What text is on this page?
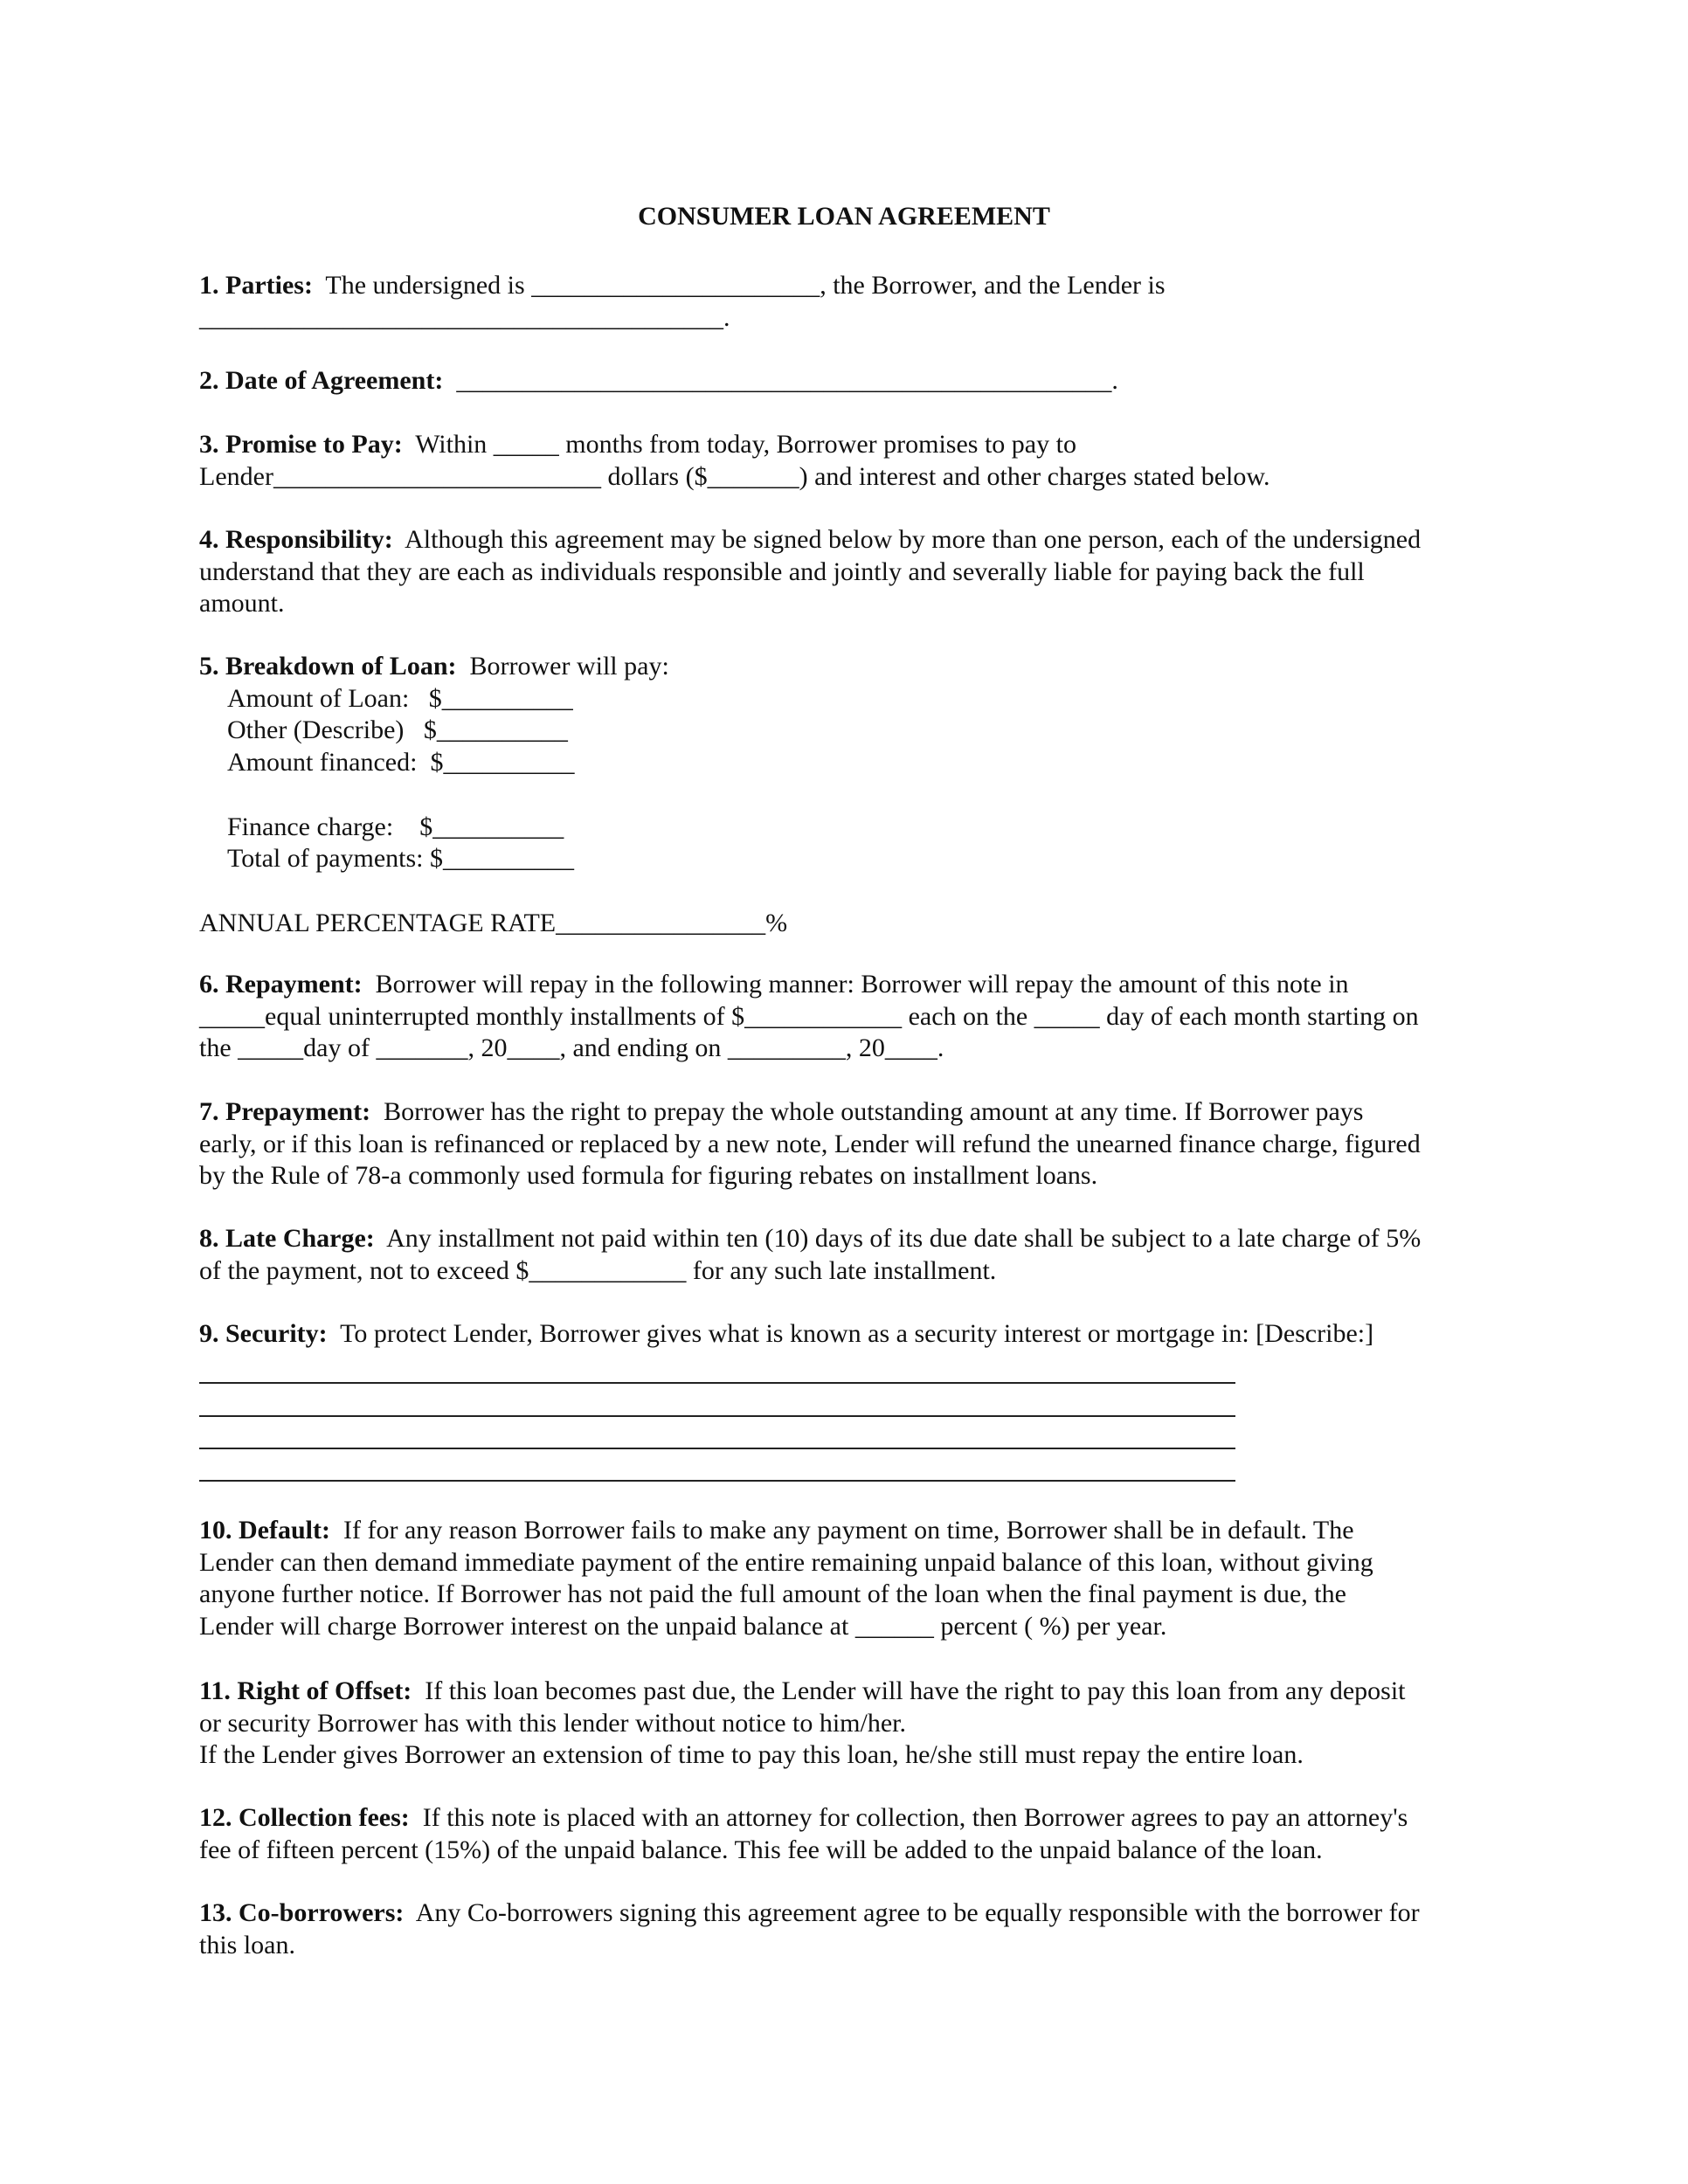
CONSUMER LOAN AGREEMENT

1. Parties:  The undersigned is ______________________, the Borrower, and the Lender is

________________________________________.

2. Date of Agreement:  __________________________________________________.

3. Promise to Pay:  Within _____ months from today, Borrower promises to pay to

Lender_________________________ dollars ($_______) and interest and other charges stated below.

4. Responsibility:  Although this agreement may be signed below by more than one person, each of the undersigned

understand that they are each as individuals responsible and jointly and severally liable for paying back the full

amount.

5. Breakdown of Loan:  Borrower will pay:

Amount of Loan:   $__________

Other (Describe)   $__________

Amount financed:  $__________

Finance charge:    $__________

Total of payments: $__________

ANNUAL PERCENTAGE RATE________________%

6. Repayment:  Borrower will repay in the following manner: Borrower will repay the amount of this note in

_____equal uninterrupted monthly installments of $____________ each on the _____ day of each month starting on

the _____day of _______, 20____, and ending on _________, 20____.

7. Prepayment:  Borrower has the right to prepay the whole outstanding amount at any time. If Borrower pays

early, or if this loan is refinanced or replaced by a new note, Lender will refund the unearned finance charge, figured

by the Rule of 78-a commonly used formula for figuring rebates on installment loans.

8. Late Charge:  Any installment not paid within ten (10) days of its due date shall be subject to a late charge of 5%

of the payment, not to exceed $____________ for any such late installment.

9. Security:  To protect Lender, Borrower gives what is known as a security interest or mortgage in: [Describe:]

10. Default:  If for any reason Borrower fails to make any payment on time, Borrower shall be in default. The

Lender can then demand immediate payment of the entire remaining unpaid balance of this loan, without giving

anyone further notice. If Borrower has not paid the full amount of the loan when the final payment is due, the

Lender will charge Borrower interest on the unpaid balance at ______ percent ( %) per year.

11. Right of Offset:  If this loan becomes past due, the Lender will have the right to pay this loan from any deposit

or security Borrower has with this lender without notice to him/her.

If the Lender gives Borrower an extension of time to pay this loan, he/she still must repay the entire loan.

12. Collection fees:  If this note is placed with an attorney for collection, then Borrower agrees to pay an attorney's

fee of fifteen percent (15%) of the unpaid balance. This fee will be added to the unpaid balance of the loan.

13. Co-borrowers:  Any Co-borrowers signing this agreement agree to be equally responsible with the borrower for

this loan.
